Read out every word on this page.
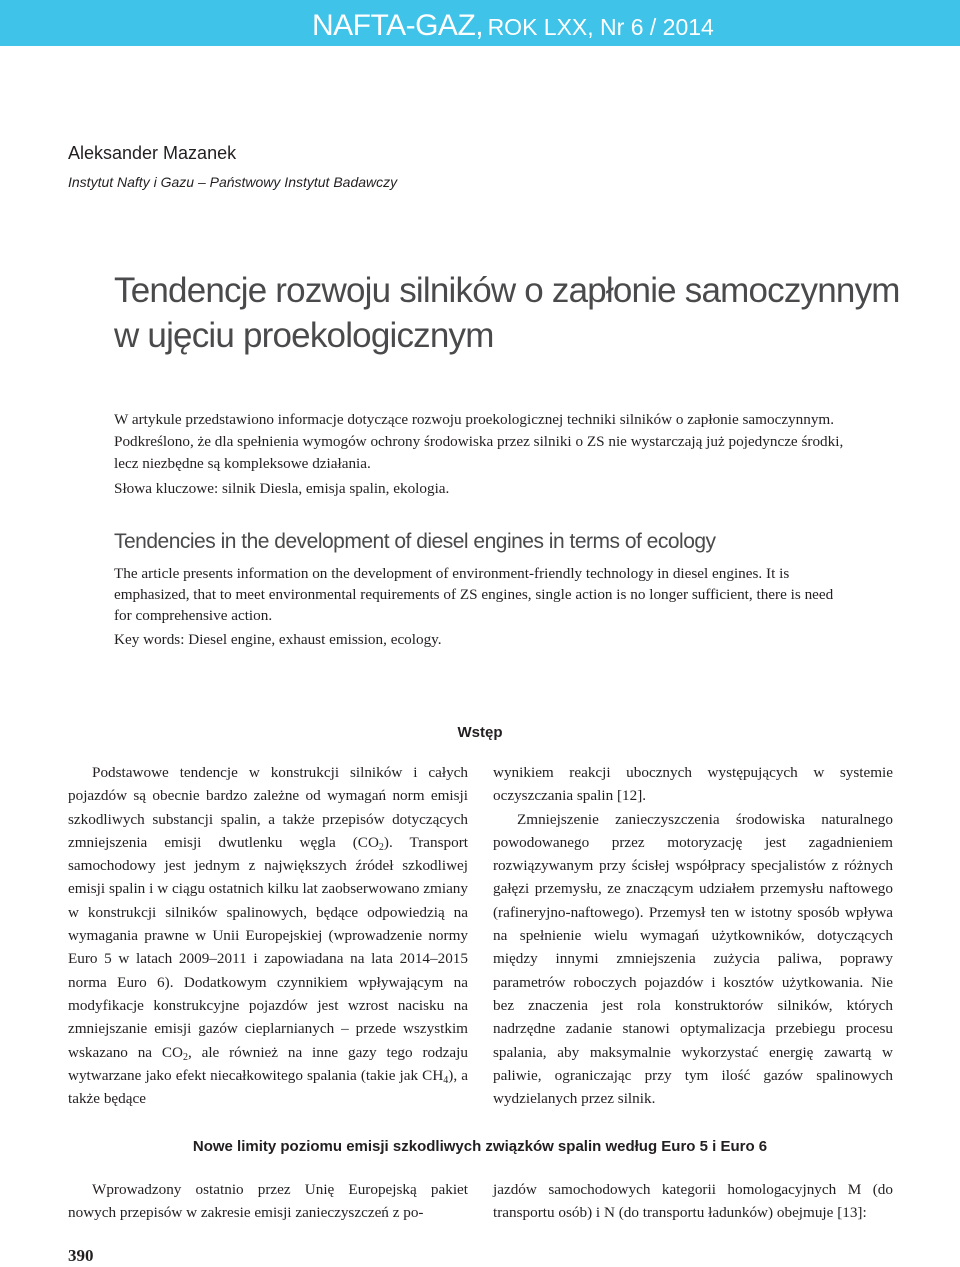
NAFTA-GAZ, ROK LXX, Nr 6 / 2014
Aleksander Mazanek
Instytut Nafty i Gazu – Państwowy Instytut Badawczy
Tendencje rozwoju silników o zapłonie samoczynnym w ujęciu proekologicznym

W artykule przedstawiono informacje dotyczące rozwoju proekologicznej techniki silników o zapłonie samoczynnym. Podkreślono, że dla spełnienia wymogów ochrony środowiska przez silniki o ZS nie wystarczają już pojedyncze środki, lecz niezbędne są kompleksowe działania.

Słowa kluczowe: silnik Diesla, emisja spalin, ekologia.

Tendencies in the development of diesel engines in terms of ecology

The article presents information on the development of environment-friendly technology in diesel engines. It is emphasized, that to meet environmental requirements of ZS engines, single action is no longer sufficient, there is need for comprehensive action.

Key words: Diesel engine, exhaust emission, ecology.

Wstęp

Podstawowe tendencje w konstrukcji silników i całych pojazdów są obecnie bardzo zależne od wymagań norm emisji szkodliwych substancji spalin, a także przepisów dotyczących zmniejszenia emisji dwutlenku węgla $(CO_2)$. Transport samochodowy jest jednym z największych źródeł szkodliwej emisji spalin i w ciągu ostatnich kilku lat zaobserwowano zmiany w konstrukcji silników spalinowych, będące odpowiedzią na wymagania prawne w Unii Europejskiej (wprowadzenie normy Euro 5 w latach 2009–2011 i zapowiadana na lata 2014–2015 norma Euro 6). Dodatkowym czynnikiem wpływającym na modyfikacje konstrukcyjne pojazdów jest wzrost nacisku na zmniejszanie emisji gazów cieplarnianych – przede wszystkim wskazano na $CO_2$, ale również na inne gazy tego rodzaju wytwarzane jako efekt niecałkowitego spalania (takie jak $CH_4$), a także będące

wynikiem reakcji ubocznych występujących w systemie oczyszczania spalin [12].

Zmniejszenie zanieczyszczenia środowiska naturalnego powodowanego przez motoryzację jest zagadnieniem rozwiązywanym przy ścisłej współpracy specjalistów z różnych gałęzi przemysłu, ze znaczącym udziałem przemysłu naftowego (rafineryjno-naftowego). Przemysł ten w istotny sposób wpływa na spełnienie wielu wymagań użytkowników, dotyczących między innymi zmniejszenia zużycia paliwa, poprawy parametrów roboczych pojazdów i kosztów użytkowania. Nie bez znaczenia jest rola konstruktorów silników, których nadrzędne zadanie stanowi optymalizacja przebiegu procesu spalania, aby maksymalnie wykorzystać energię zawartą w paliwie, ograniczając przy tym ilość gazów spalinowych wydzielanych przez silnik.

Nowe limity poziomu emisji szkodliwych związków spalin według Euro 5 i Euro 6

Wprowadzony ostatnio przez Unię Europejską pakiet nowych przepisów w zakresie emisji zanieczyszczeń z po-

jazdów samochodowych kategorii homologacyjnych M (do transportu osób) i N (do transportu ładunków) obejmuje [13]:

390
